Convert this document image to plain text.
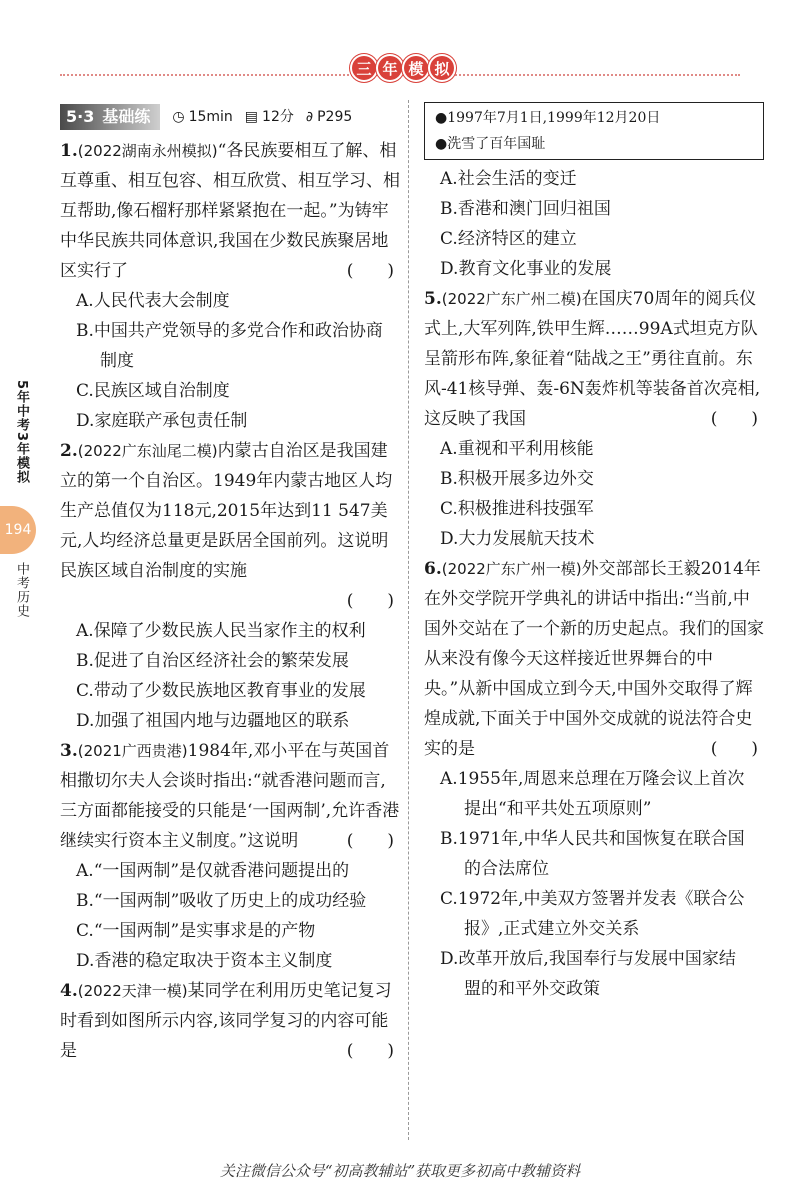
三 年 模 拟
5年中考3年模拟
194
中考历史
5·3 基础练 ◷ 15min ▤ 12分 ∂ P295
1.(2022湖南永州模拟)“各民族要相互了解、相互尊重、相互包容、相互欣赏、相互学习、相互帮助,像石榴籽那样紧紧抱在一起。”为铸牢中华民族共同体意识,我国在少数民族聚居地区实行了	(　　)
A.人民代表大会制度
B.中国共产党领导的多党合作和政治协商
制度
C.民族区域自治制度
D.家庭联产承包责任制
2.(2022广东汕尾二模)内蒙古自治区是我国建立的第一个自治区。1949年内蒙古地区人均生产总值仅为118元,2015年达到11 547美元,人均经济总量更是跃居全国前列。这说明民族区域自治制度的实施
(　　)
A.保障了少数民族人民当家作主的权利
B.促进了自治区经济社会的繁荣发展
C.带动了少数民族地区教育事业的发展
D.加强了祖国内地与边疆地区的联系
3.(2021广西贵港)1984年,邓小平在与英国首相撒切尔夫人会谈时指出:“就香港问题而言,三方面都能接受的只能是‘一国两制’,允许香港继续实行资本主义制度。”这说明	(　　)
A.“一国两制”是仅就香港问题提出的
B.“一国两制”吸收了历史上的成功经验
C.“一国两制”是实事求是的产物
D.香港的稳定取决于资本主义制度
4.(2022天津一模)某同学在利用历史笔记复习时看到如图所示内容,该同学复习的内容可能是	(　　)
●1997年7月1日,1999年12月20日
●洗雪了百年国耻
A.社会生活的变迁
B.香港和澳门回归祖国
C.经济特区的建立
D.教育文化事业的发展
5.(2022广东广州二模)在国庆70周年的阅兵仪式上,大军列阵,铁甲生辉……99A式坦克方队呈箭形布阵,象征着“陆战之王”勇往直前。东风-41核导弹、轰-6N轰炸机等装备首次亮相,这反映了我国	(　　)
A.重视和平利用核能
B.积极开展多边外交
C.积极推进科技强军
D.大力发展航天技术
6.(2022广东广州一模)外交部部长王毅2014年在外交学院开学典礼的讲话中指出:“当前,中国外交站在了一个新的历史起点。我们的国家从来没有像今天这样接近世界舞台的中央。”从新中国成立到今天,中国外交取得了辉煌成就,下面关于中国外交成就的说法符合史实的是	(　　)
A.1955年,周恩来总理在万隆会议上首次
提出“和平共处五项原则”
B.1971年,中华人民共和国恢复在联合国
的合法席位
C.1972年,中美双方签署并发表《联合公
报》,正式建立外交关系
D.改革开放后,我国奉行与发展中国家结
盟的和平外交政策
关注微信公众号“初高教辅站”获取更多初高中教辅资料
